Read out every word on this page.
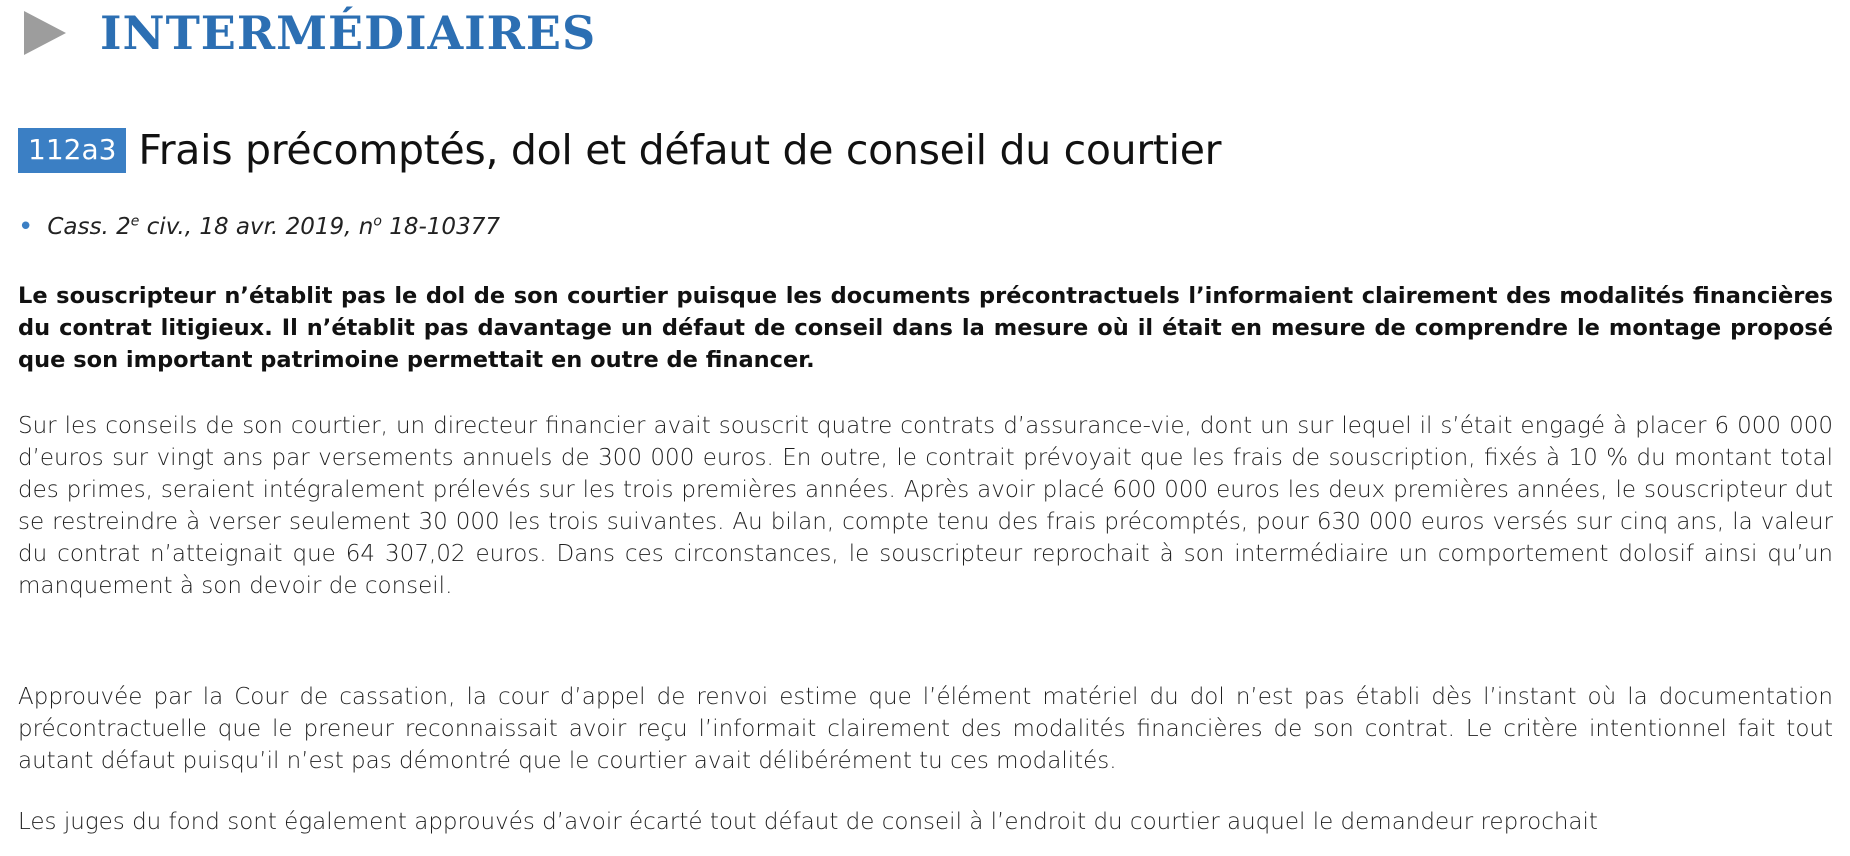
INTERMÉDIAIRES
112a3 Frais précomptés, dol et défaut de conseil du courtier
• Cass. 2e civ., 18 avr. 2019, $n^o$ 18-10377

Le souscripteur n’établit pas le dol de son courtier puisque les documents précontractuels l’informaient clairement des modalités financières du contrat litigieux. Il n’établit pas davantage un défaut de conseil dans la mesure où il était en mesure de comprendre le montage proposé que son important patrimoine permettait en outre de financer.

Sur les conseils de son courtier, un directeur financier avait souscrit quatre contrats d’assurance-vie, dont un sur lequel il s’était engagé à placer 6 000 000 d’euros sur vingt ans par versements annuels de 300 000 euros. En outre, le contrait prévoyait que les frais de souscription, fixés à 10 % du montant total des primes, seraient intégralement prélevés sur les trois premières années. Après avoir placé 600 000 euros les deux premières années, le souscripteur dut se restreindre à verser seulement 30 000 les trois suivantes. Au bilan, compte tenu des frais précomptés, pour 630 000 euros versés sur cinq ans, la valeur du contrat n’atteignait que 64 307,02 euros. Dans ces circonstances, le souscripteur reprochait à son intermédiaire un comportement dolosif ainsi qu’un manquement à son devoir de conseil.

Approuvée par la Cour de cassation, la cour d’appel de renvoi estime que l’élément matériel du dol n’est pas établi dès l’instant où la documentation précontractuelle que le preneur reconnaissait avoir reçu l’informait clairement des modalités financières de son contrat. Le critère intentionnel fait tout autant défaut puisqu’il n’est pas démontré que le courtier avait délibérément tu ces modalités.

Les juges du fond sont également approuvés d’avoir écarté tout défaut de conseil à l’endroit du courtier auquel le demandeur reprochait
